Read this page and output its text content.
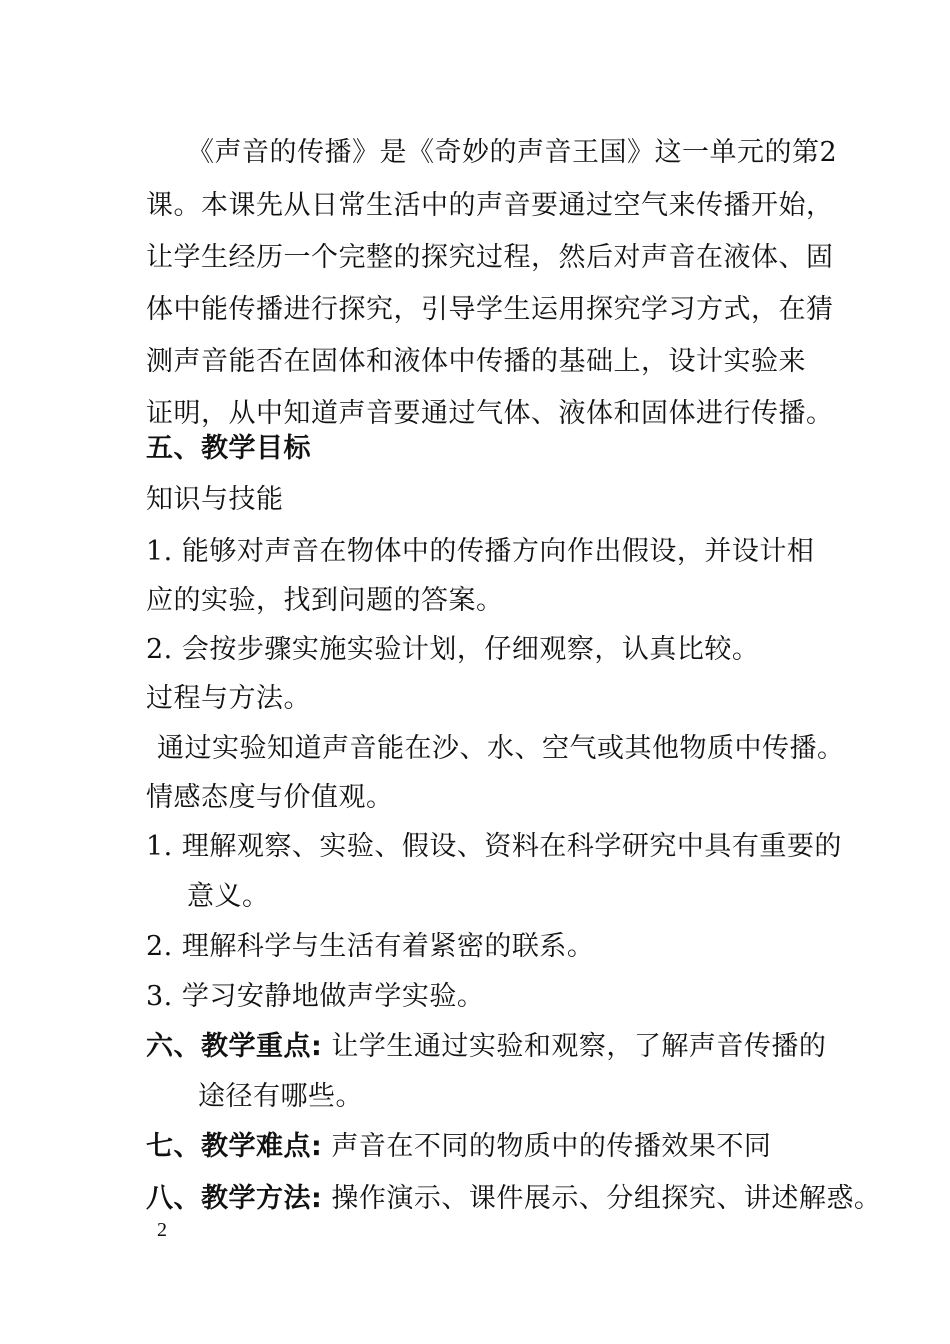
《声音的传播》是《奇妙的声音王国》这一单元的第2
课。本课先从日常生活中的声音要通过空气来传播开始，
让学生经历一个完整的探究过程，然后对声音在液体、固
体中能传播进行探究，引导学生运用探究学习方式，在猜
测声音能否在固体和液体中传播的基础上，设计实验来
证明，从中知道声音要通过气体、液体和固体进行传播。
五、教学目标
知识与技能
1. 能够对声音在物体中的传播方向作出假设，并设计相
应的实验，找到问题的答案。
2. 会按步骤实施实验计划，仔细观察，认真比较。
过程与方法。
通过实验知道声音能在沙、水、空气或其他物质中传播。
情感态度与价值观。
1. 理解观察、实验、假设、资料在科学研究中具有重要的
意义。
2. 理解科学与生活有着紧密的联系。
3. 学习安静地做声学实验。
六、教学重点: 让学生通过实验和观察，了解声音传播的
途径有哪些。
七、教学难点: 声音在不同的物质中的传播效果不同
八、教学方法: 操作演示、课件展示、分组探究、讲述解惑。
2
